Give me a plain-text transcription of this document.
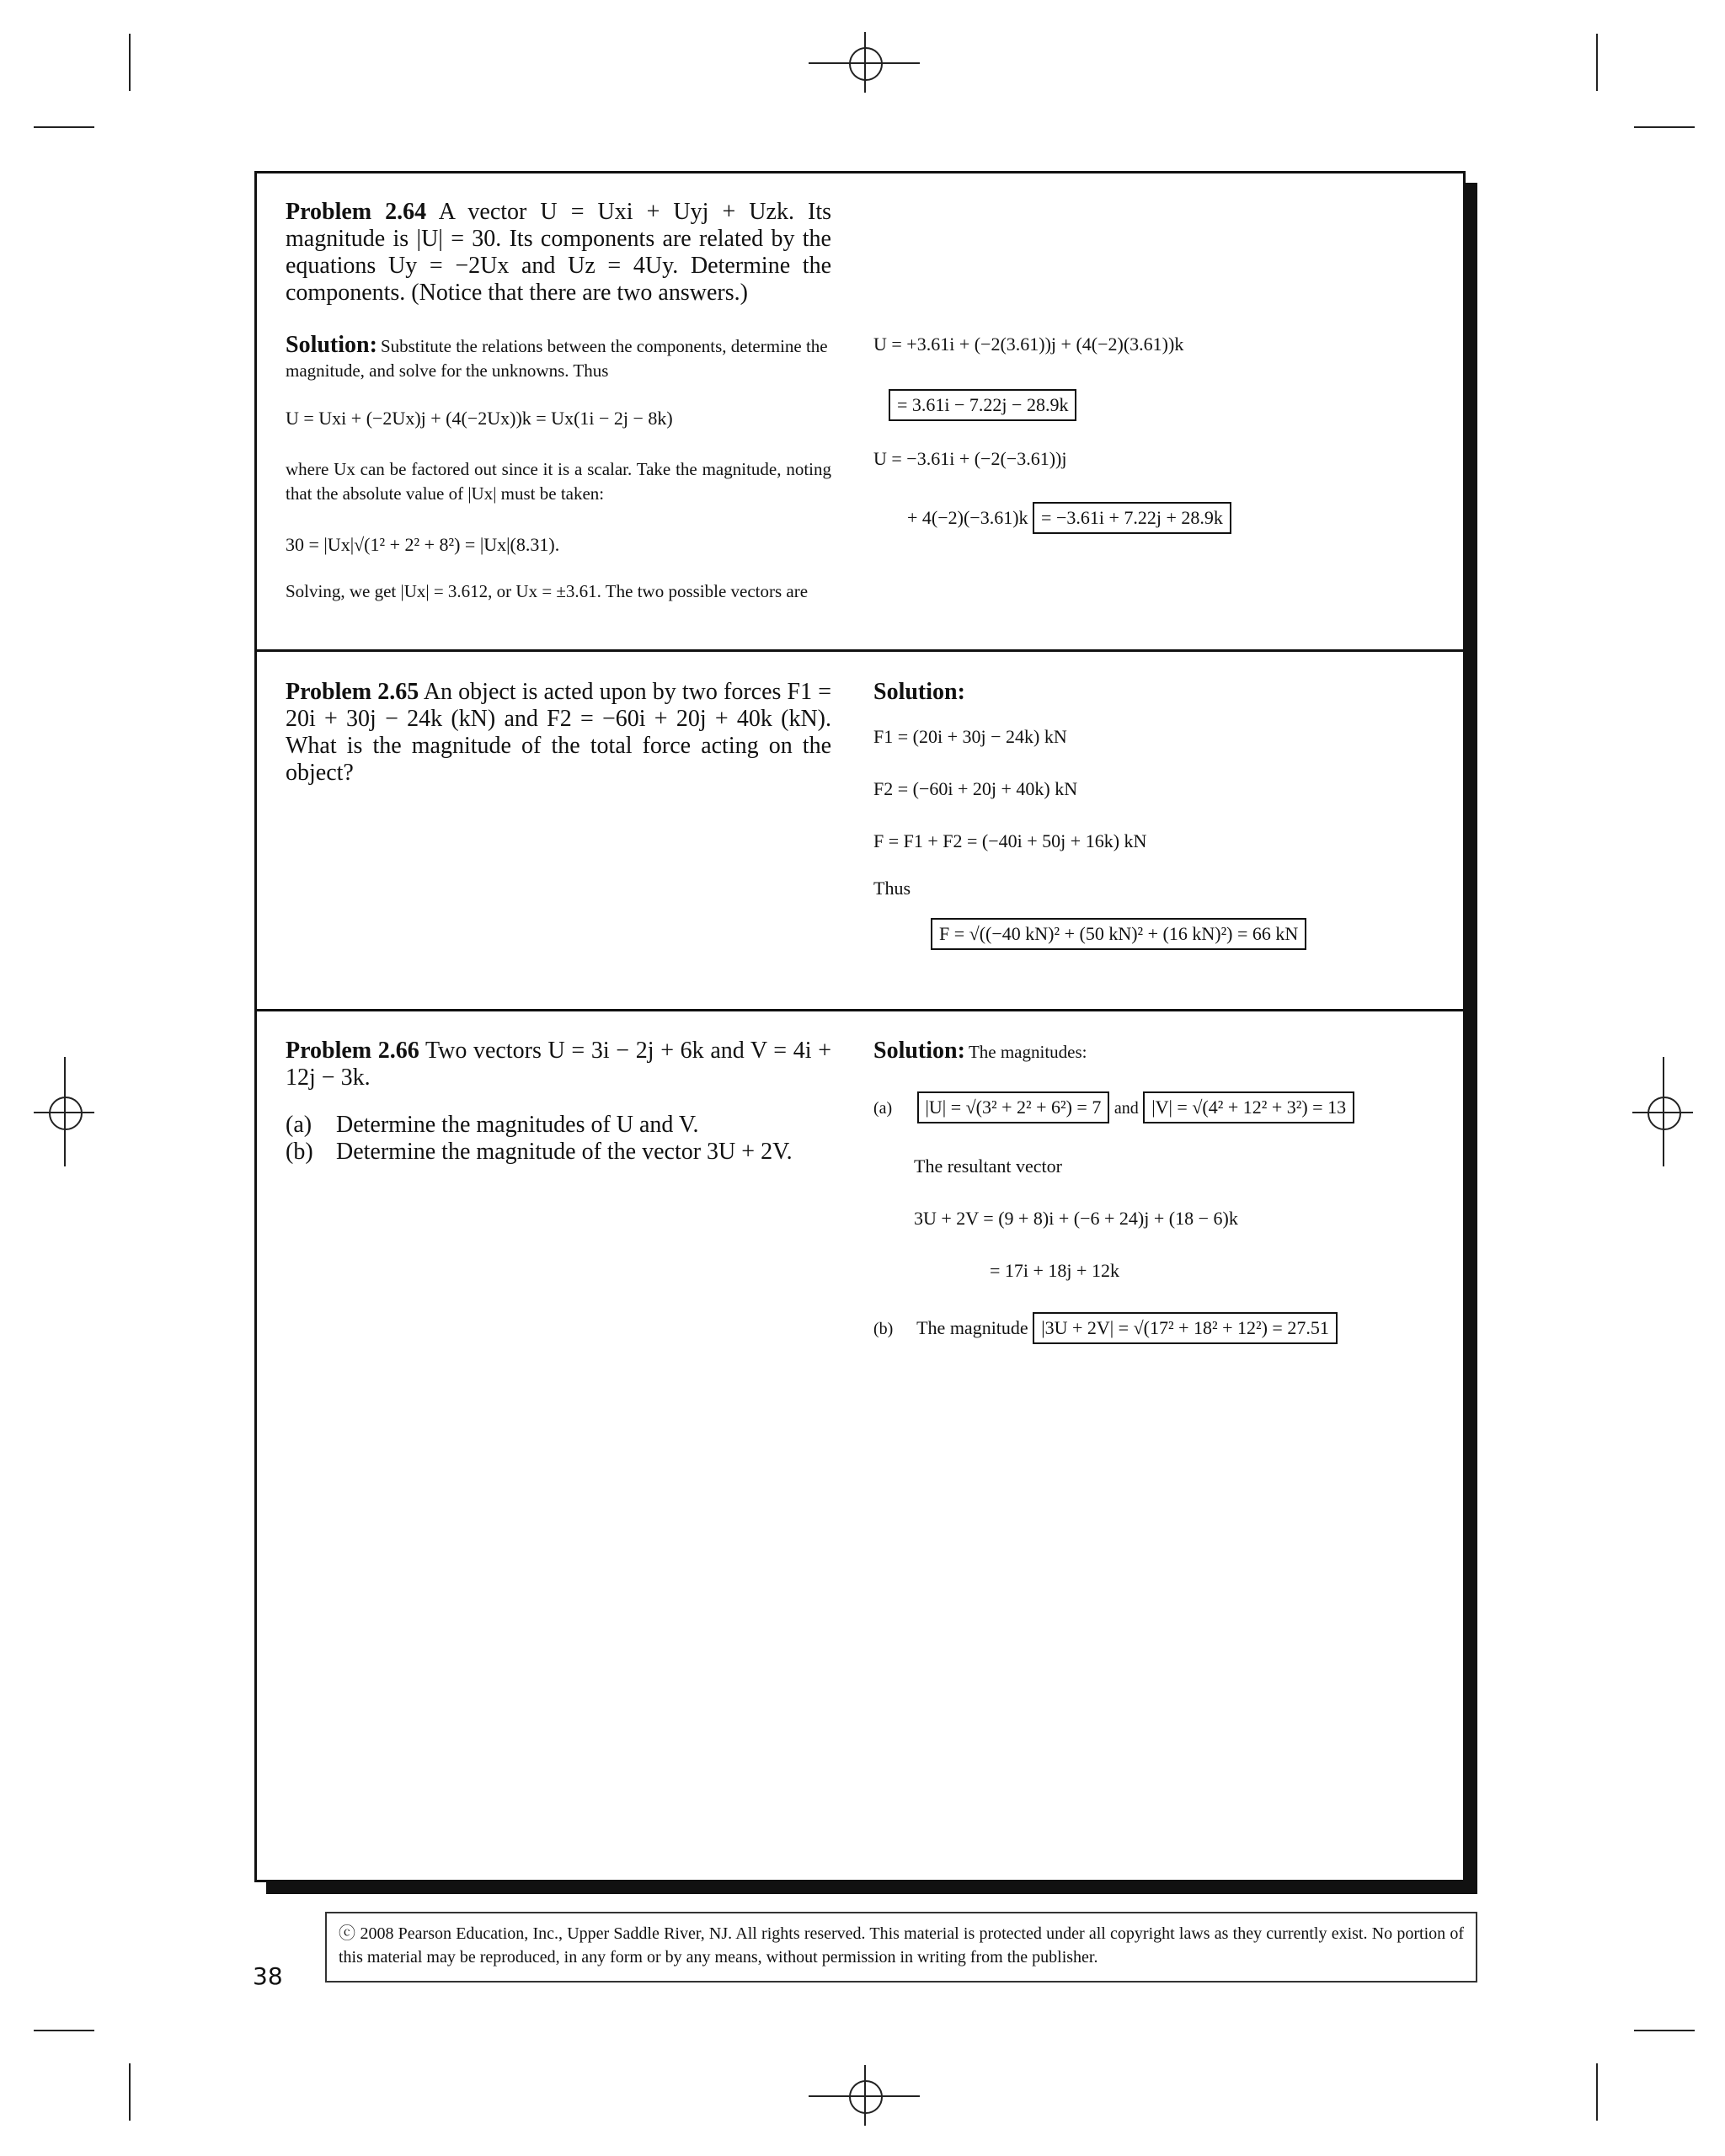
Problem 2.64 A vector U = Uxi + Uyj + Uzk. Its magnitude is |U| = 30. Its components are related by the equations Uy = −2Ux and Uz = 4Uy. Determine the components. (Notice that there are two answers.)
Solution: Substitute the relations between the components, determine the magnitude, and solve for the unknowns. Thus
U = Uxi + (−2Ux)j + (4(−2Ux))k = Ux(1i − 2j − 8k)
where Ux can be factored out since it is a scalar. Take the magnitude, noting that the absolute value of |Ux| must be taken:
30 = |Ux|√(1² + 2² + 8²) = |Ux|(8.31).
Solving, we get |Ux| = 3.612, or Ux = ±3.61. The two possible vectors are
U = +3.61i + (−2(3.61))j + (4(−2)(3.61))k
= 3.61i − 7.22j − 28.9k
U = −3.61i + (−2(−3.61))j
+ 4(−2)(−3.61)k = −3.61i + 7.22j + 28.9k
Problem 2.65 An object is acted upon by two forces F1 = 20i + 30j − 24k (kN) and F2 = −60i + 20j + 40k (kN). What is the magnitude of the total force acting on the object?
Solution:
F1 = (20i + 30j − 24k) kN
F2 = (−60i + 20j + 40k) kN
F = F1 + F2 = (−40i + 50j + 16k) kN
Thus
F = √((−40 kN)² + (50 kN)² + (16 kN)²) = 66 kN
Problem 2.66 Two vectors U = 3i − 2j + 6k and V = 4i + 12j − 3k.
(a) Determine the magnitudes of U and V.
(b) Determine the magnitude of the vector 3U + 2V.
Solution: The magnitudes:
(a) |U| = √(3² + 2² + 6²) = 7 and |V| = √(4² + 12² + 3²) = 13
The resultant vector
3U + 2V = (9 + 8)i + (−6 + 24)j + (18 − 6)k
= 17i + 18j + 12k
(b) The magnitude |3U + 2V| = √(17² + 18² + 12²) = 27.51
38
ⓒ 2008 Pearson Education, Inc., Upper Saddle River, NJ. All rights reserved. This material is protected under all copyright laws as they currently exist. No portion of this material may be reproduced, in any form or by any means, without permission in writing from the publisher.
